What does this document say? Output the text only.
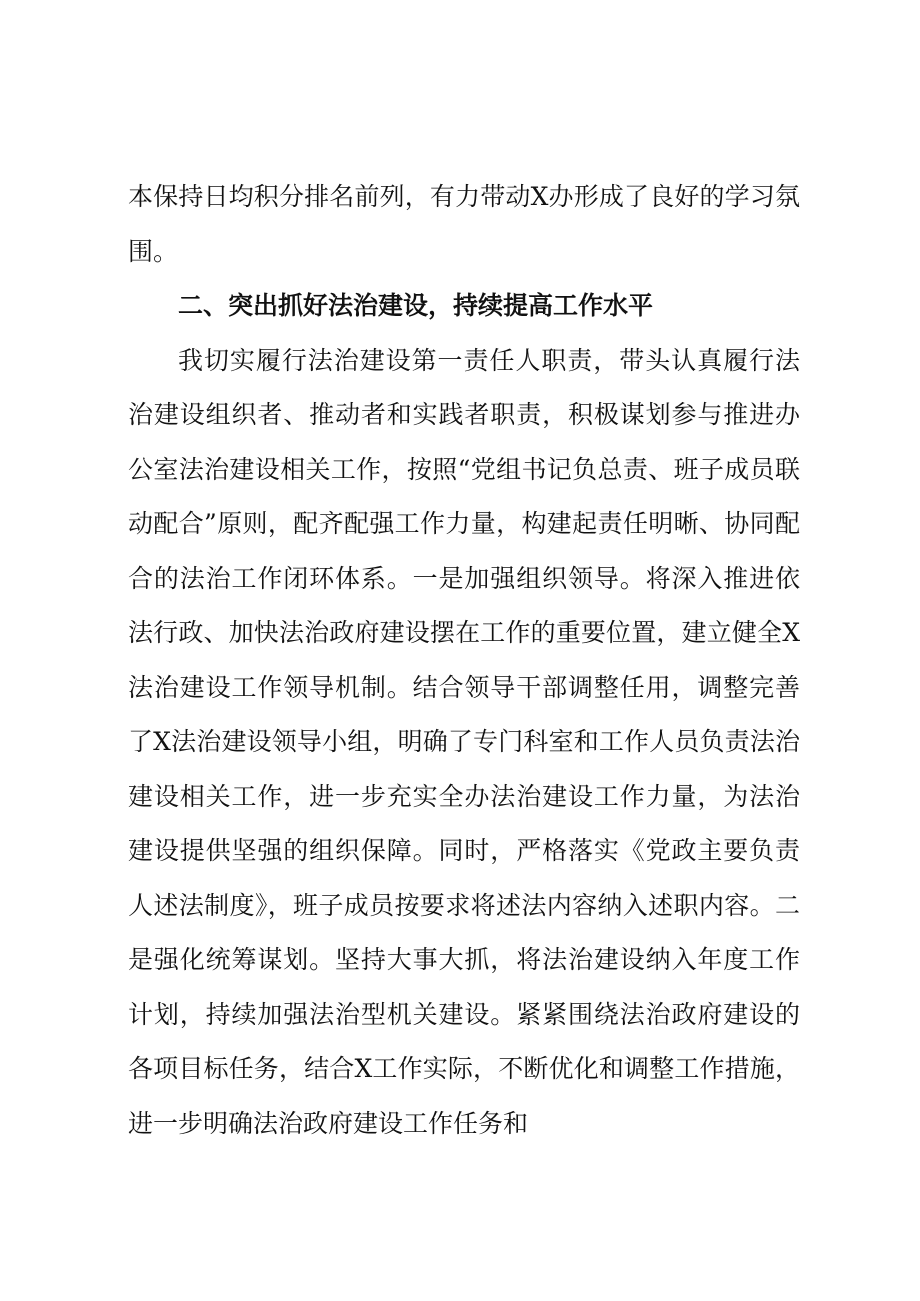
本保持日均积分排名前列，有力带动X办形成了良好的学习氛围。

二、突出抓好法治建设，持续提高工作水平

我切实履行法治建设第一责任人职责，带头认真履行法治建设组织者、推动者和实践者职责，积极谋划参与推进办公室法治建设相关工作，按照“党组书记负总责、班子成员联动配合”原则，配齐配强工作力量，构建起责任明晰、协同配合的法治工作闭环体系。一是加强组织领导。将深入推进依法行政、加快法治政府建设摆在工作的重要位置，建立健全X法治建设工作领导机制。结合领导干部调整任用，调整完善了X法治建设领导小组，明确了专门科室和工作人员负责法治建设相关工作，进一步充实全办法治建设工作力量，为法治建设提供坚强的组织保障。同时，严格落实《党政主要负责人述法制度》，班子成员按要求将述法内容纳入述职内容。二是强化统筹谋划。坚持大事大抓，将法治建设纳入年度工作计划，持续加强法治型机关建设。紧紧围绕法治政府建设的各项目标任务，结合X工作实际，不断优化和调整工作措施，进一步明确法治政府建设工作任务和
